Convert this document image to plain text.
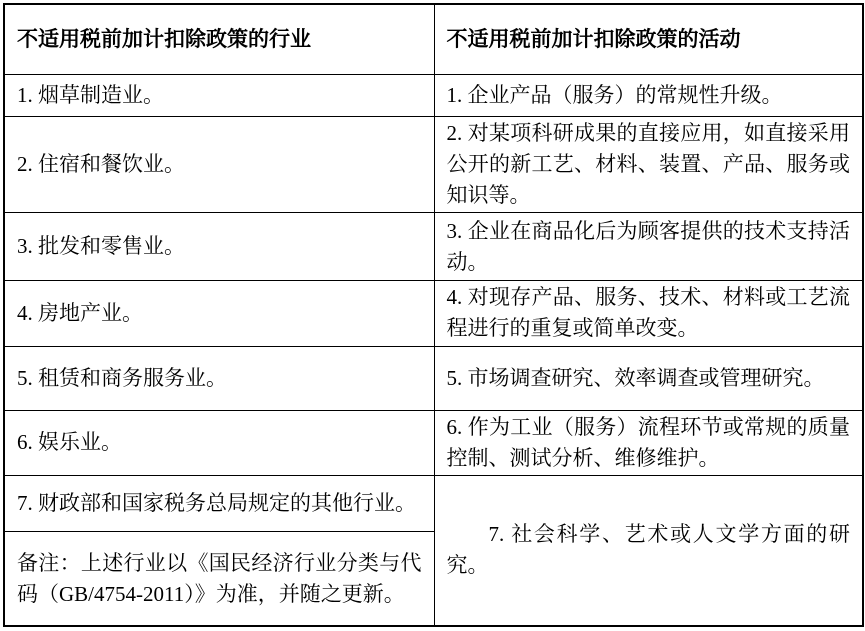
不适用税前加计扣除政策的行业	不适用税前加计扣除政策的活动
1. 烟草制造业。	1. 企业产品（服务）的常规性升级。
2. 住宿和餐饮业。	2. 对某项科研成果的直接应用，如直接采用公开的新工艺、材料、装置、产品、服务或知识等。
3. 批发和零售业。	3. 企业在商品化后为顾客提供的技术支持活动。
4. 房地产业。	4. 对现存产品、服务、技术、材料或工艺流程进行的重复或简单改变。
5. 租赁和商务服务业。	5. 市场调查研究、效率调查或管理研究。
6. 娱乐业。	6. 作为工业（服务）流程环节或常规的质量控制、测试分析、维修维护。
7. 财政部和国家税务总局规定的其他行业。	7. 社会科学、艺术或人文学方面的研究。
备注：上述行业以《国民经济行业分类与代码（GB/4754-2011）》为准，并随之更新。	
